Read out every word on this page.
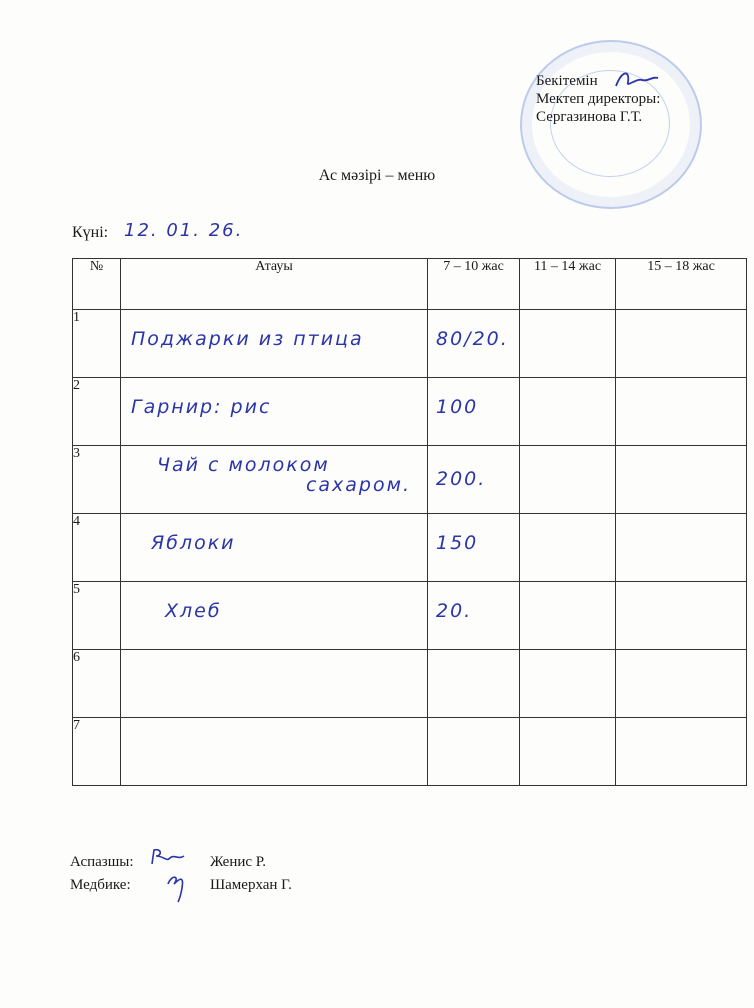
Бекітемін
Мектеп директоры:
Сергазинова Г.Т.
Ас мәзірі – меню
Күні: 12. 01. 26.
№	Атауы	7 – 10 жас	11 – 14 жас	15 – 18 жас
1	Поджарки из птица	80/20.		

2	Гарнир: рис	100		

3	Чай с молоком
сахаром.	200.		

4	Яблоки	150		

5	Хлеб	20.		

6				
7				
Аспазшы:	Женис Р.
Медбике:	Шамерхан Г.
